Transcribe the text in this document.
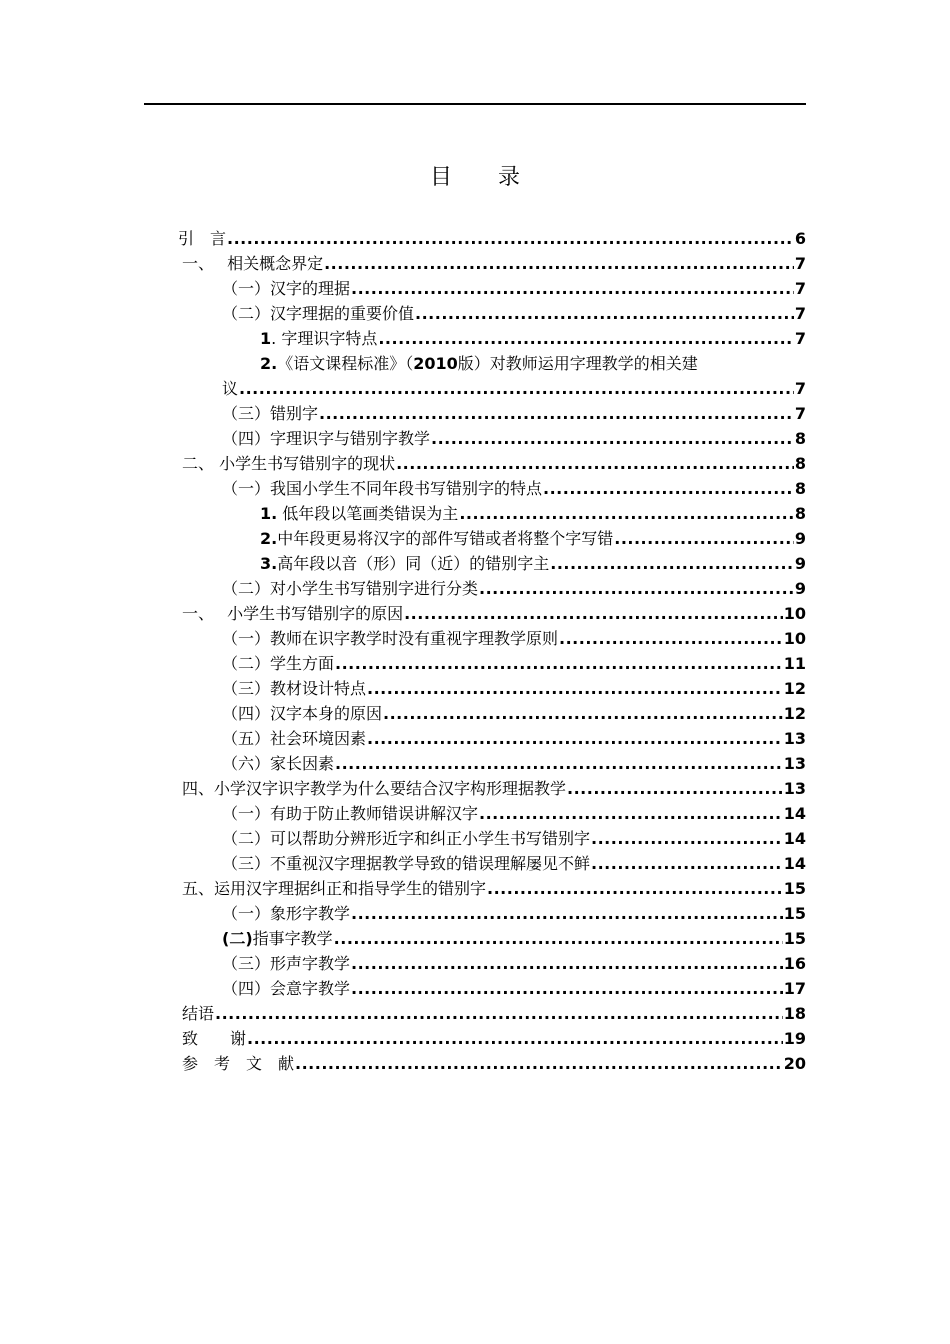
目 录
引　言 .....	6
一、　 相关概念界定 .....	7
（一）汉字的理据 .....	7
（二）汉字理据的重要价值 .....	7
1. 字理识字特点 .....	7
2. 《语文课程标准》（ 2010 版）对教师运用字理教学的相关建
议 .....	7
（三）错别字 .....	7
（四）字理识字与错别字教学 .....	8
二、 小学生书写错别字的现状 .....	8
（一）我国小学生不同年段书写错别字的特点 .....	8
1. 低年段以笔画类错误为主 .....	8
2.中年段更易将汉字的部件写错或者将整个字写错 .....	9
3.高年段以音（形）同（近）的错别字主 .....	9
（二）对小学生书写错别字进行分类 .....	9
一、　 小学生书写错别字的原因 .....	10
（一）教师在识字教学时没有重视字理教学原则 .....	10
（二）学生方面 .....	11
（三）教材设计特点 .....	12
（四）汉字本身的原因 .....	12
（五）社会环境因素 .....	13
（六）家长因素 .....	13
四、小学汉字识字教学为什么要结合汉字构形理据教学 .....	13
（一）有助于防止教师错误讲解汉字 .....	14
（二）可以帮助分辨形近字和纠正小学生书写错别字 .....	14
（三）不重视汉字理据教学导致的错误理解屡见不鲜 .....	14
五、运用汉字理据纠正和指导学生的错别字 .....	15
（一）象形字教学 .....	15
(二)指事字教学 .....	15
（三）形声字教学 .....	16
（四）会意字教学 .....	17
结语 .....	18
致　　谢 .....	19
参　考　文　献 .....	20
